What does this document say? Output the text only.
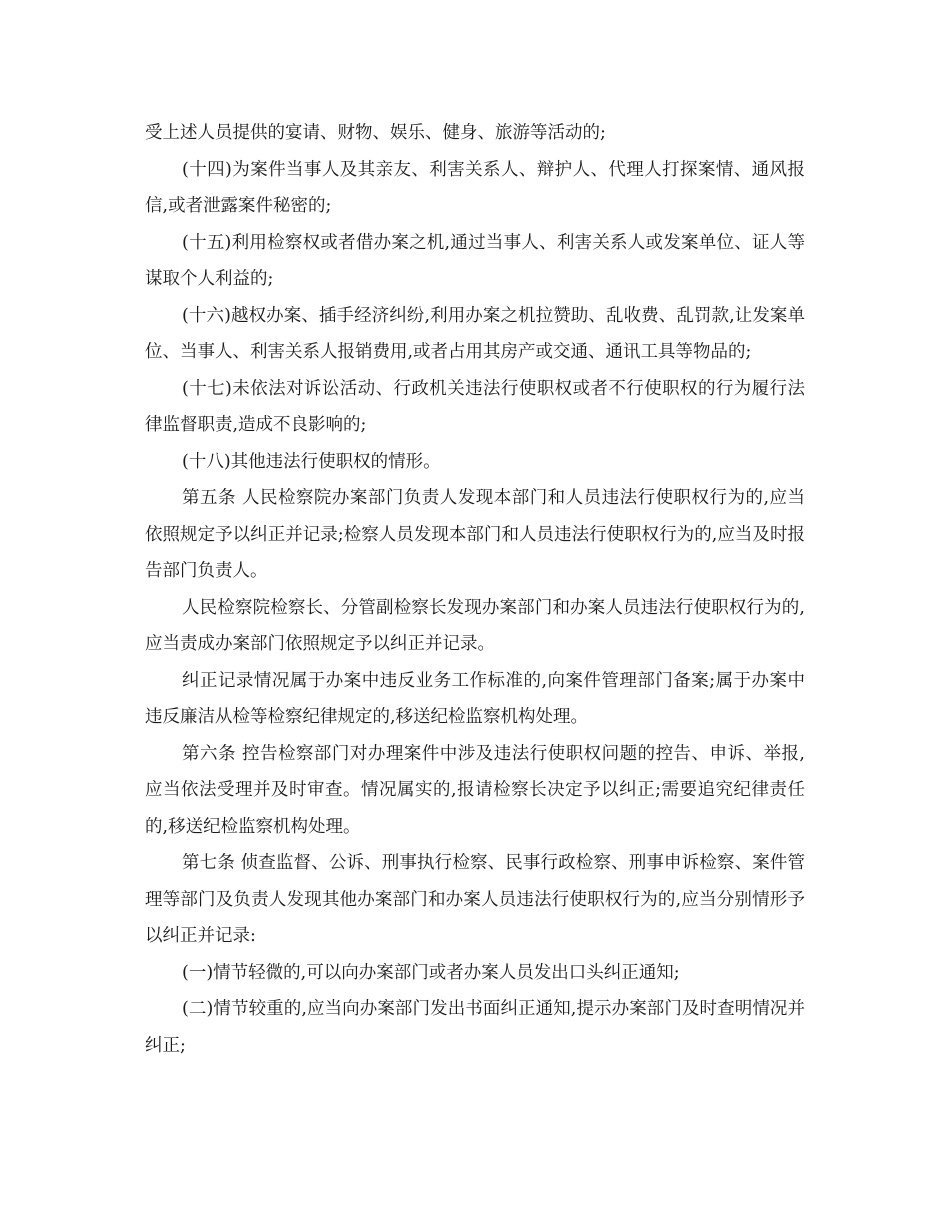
受上述人员提供的宴请、财物、娱乐、健身、旅游等活动的;

(十四)为案件当事人及其亲友、利害关系人、辩护人、代理人打探案情、通风报信,或者泄露案件秘密的;

(十五)利用检察权或者借办案之机,通过当事人、利害关系人或发案单位、证人等谋取个人利益的;

(十六)越权办案、插手经济纠纷,利用办案之机拉赞助、乱收费、乱罚款,让发案单位、当事人、利害关系人报销费用,或者占用其房产或交通、通讯工具等物品的;

(十七)未依法对诉讼活动、行政机关违法行使职权或者不行使职权的行为履行法律监督职责,造成不良影响的;

(十八)其他违法行使职权的情形。

第五条 人民检察院办案部门负责人发现本部门和人员违法行使职权行为的,应当依照规定予以纠正并记录;检察人员发现本部门和人员违法行使职权行为的,应当及时报告部门负责人。

人民检察院检察长、分管副检察长发现办案部门和办案人员违法行使职权行为的,应当责成办案部门依照规定予以纠正并记录。

纠正记录情况属于办案中违反业务工作标准的,向案件管理部门备案;属于办案中违反廉洁从检等检察纪律规定的,移送纪检监察机构处理。

第六条 控告检察部门对办理案件中涉及违法行使职权问题的控告、申诉、举报,应当依法受理并及时审查。情况属实的,报请检察长决定予以纠正;需要追究纪律责任的,移送纪检监察机构处理。

第七条 侦查监督、公诉、刑事执行检察、民事行政检察、刑事申诉检察、案件管理等部门及负责人发现其他办案部门和办案人员违法行使职权行为的,应当分别情形予以纠正并记录:

(一)情节轻微的,可以向办案部门或者办案人员发出口头纠正通知;

(二)情节较重的,应当向办案部门发出书面纠正通知,提示办案部门及时查明情况并纠正;
